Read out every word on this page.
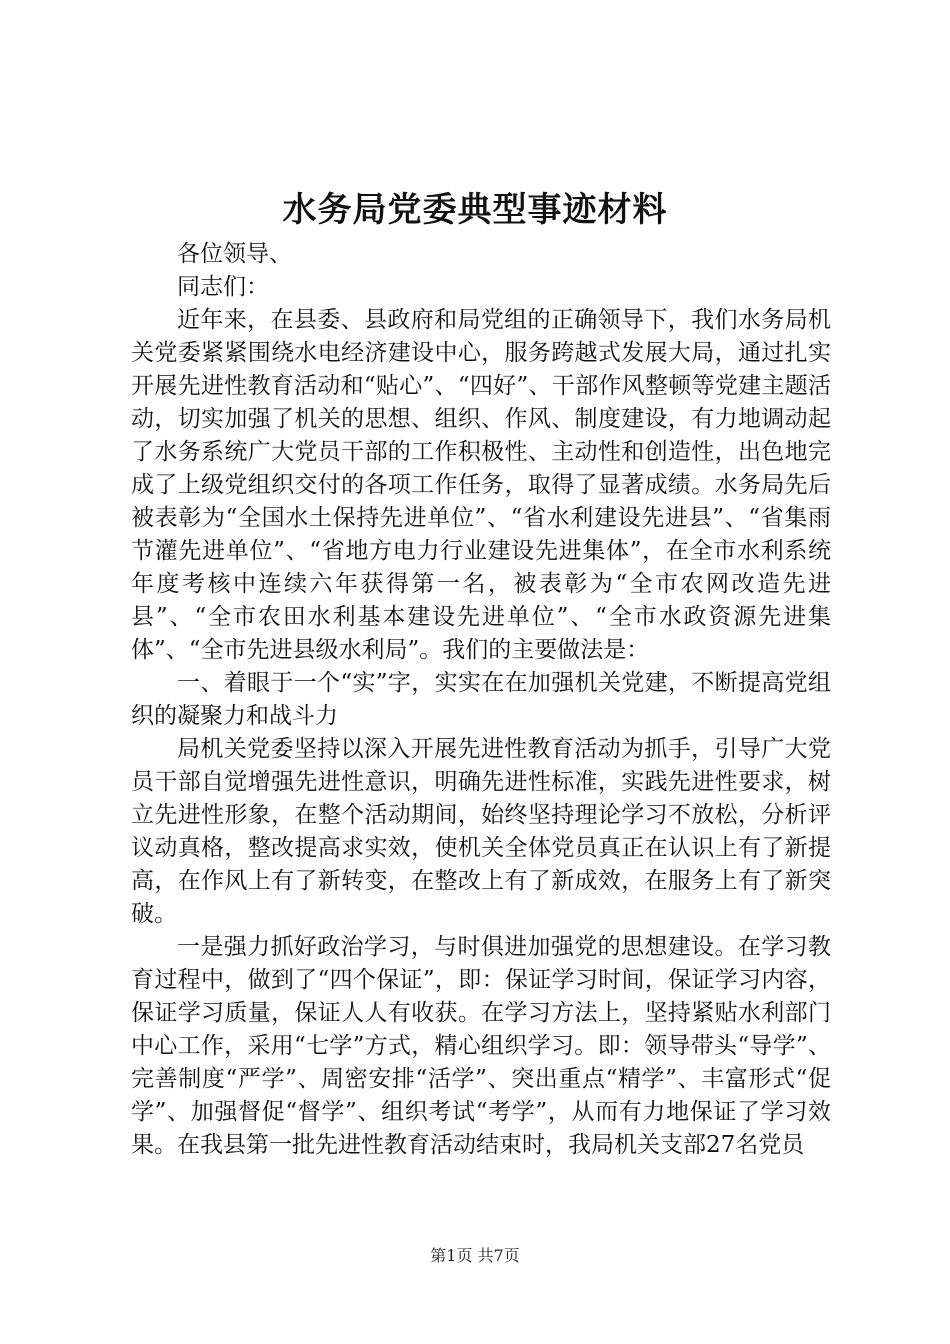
水务局党委典型事迹材料

各位领导、

同志们：

近年来，在县委、县政府和局党组的正确领导下，我们水务局机关党委紧紧围绕水电经济建设中心，服务跨越式发展大局，通过扎实开展先进性教育活动和“贴心”、“四好”、干部作风整顿等党建主题活动，切实加强了机关的思想、组织、作风、制度建设，有力地调动起了水务系统广大党员干部的工作积极性、主动性和创造性，出色地完成了上级党组织交付的各项工作任务，取得了显著成绩。水务局先后被表彰为“全国水土保持先进单位”、“省水利建设先进县”、“省集雨节灌先进单位”、“省地方电力行业建设先进集体”，在全市水利系统年度考核中连续六年获得第一名，被表彰为“全市农网改造先进县”、“全市农田水利基本建设先进单位”、“全市水政资源先进集体”、“全市先进县级水利局”。我们的主要做法是：

一、着眼于一个“实”字，实实在在加强机关党建，不断提高党组织的凝聚力和战斗力

局机关党委坚持以深入开展先进性教育活动为抓手，引导广大党员干部自觉增强先进性意识，明确先进性标准，实践先进性要求，树立先进性形象，在整个活动期间，始终坚持理论学习不放松，分析评议动真格，整改提高求实效，使机关全体党员真正在认识上有了新提高，在作风上有了新转变，在整改上有了新成效，在服务上有了新突破。

一是强力抓好政治学习，与时俱进加强党的思想建设。在学习教育过程中，做到了“四个保证”，即：保证学习时间，保证学习内容，保证学习质量，保证人人有收获。在学习方法上，坚持紧贴水利部门中心工作，采用“七学”方式，精心组织学习。即：领导带头“导学”、完善制度“严学”、周密安排“活学”、突出重点“精学”、丰富形式“促学”、加强督促“督学”、组织考试“考学”，从而有力地保证了学习效果。在我县第一批先进性教育活动结束时，我局机关支部27名党员

第1页 共7页
